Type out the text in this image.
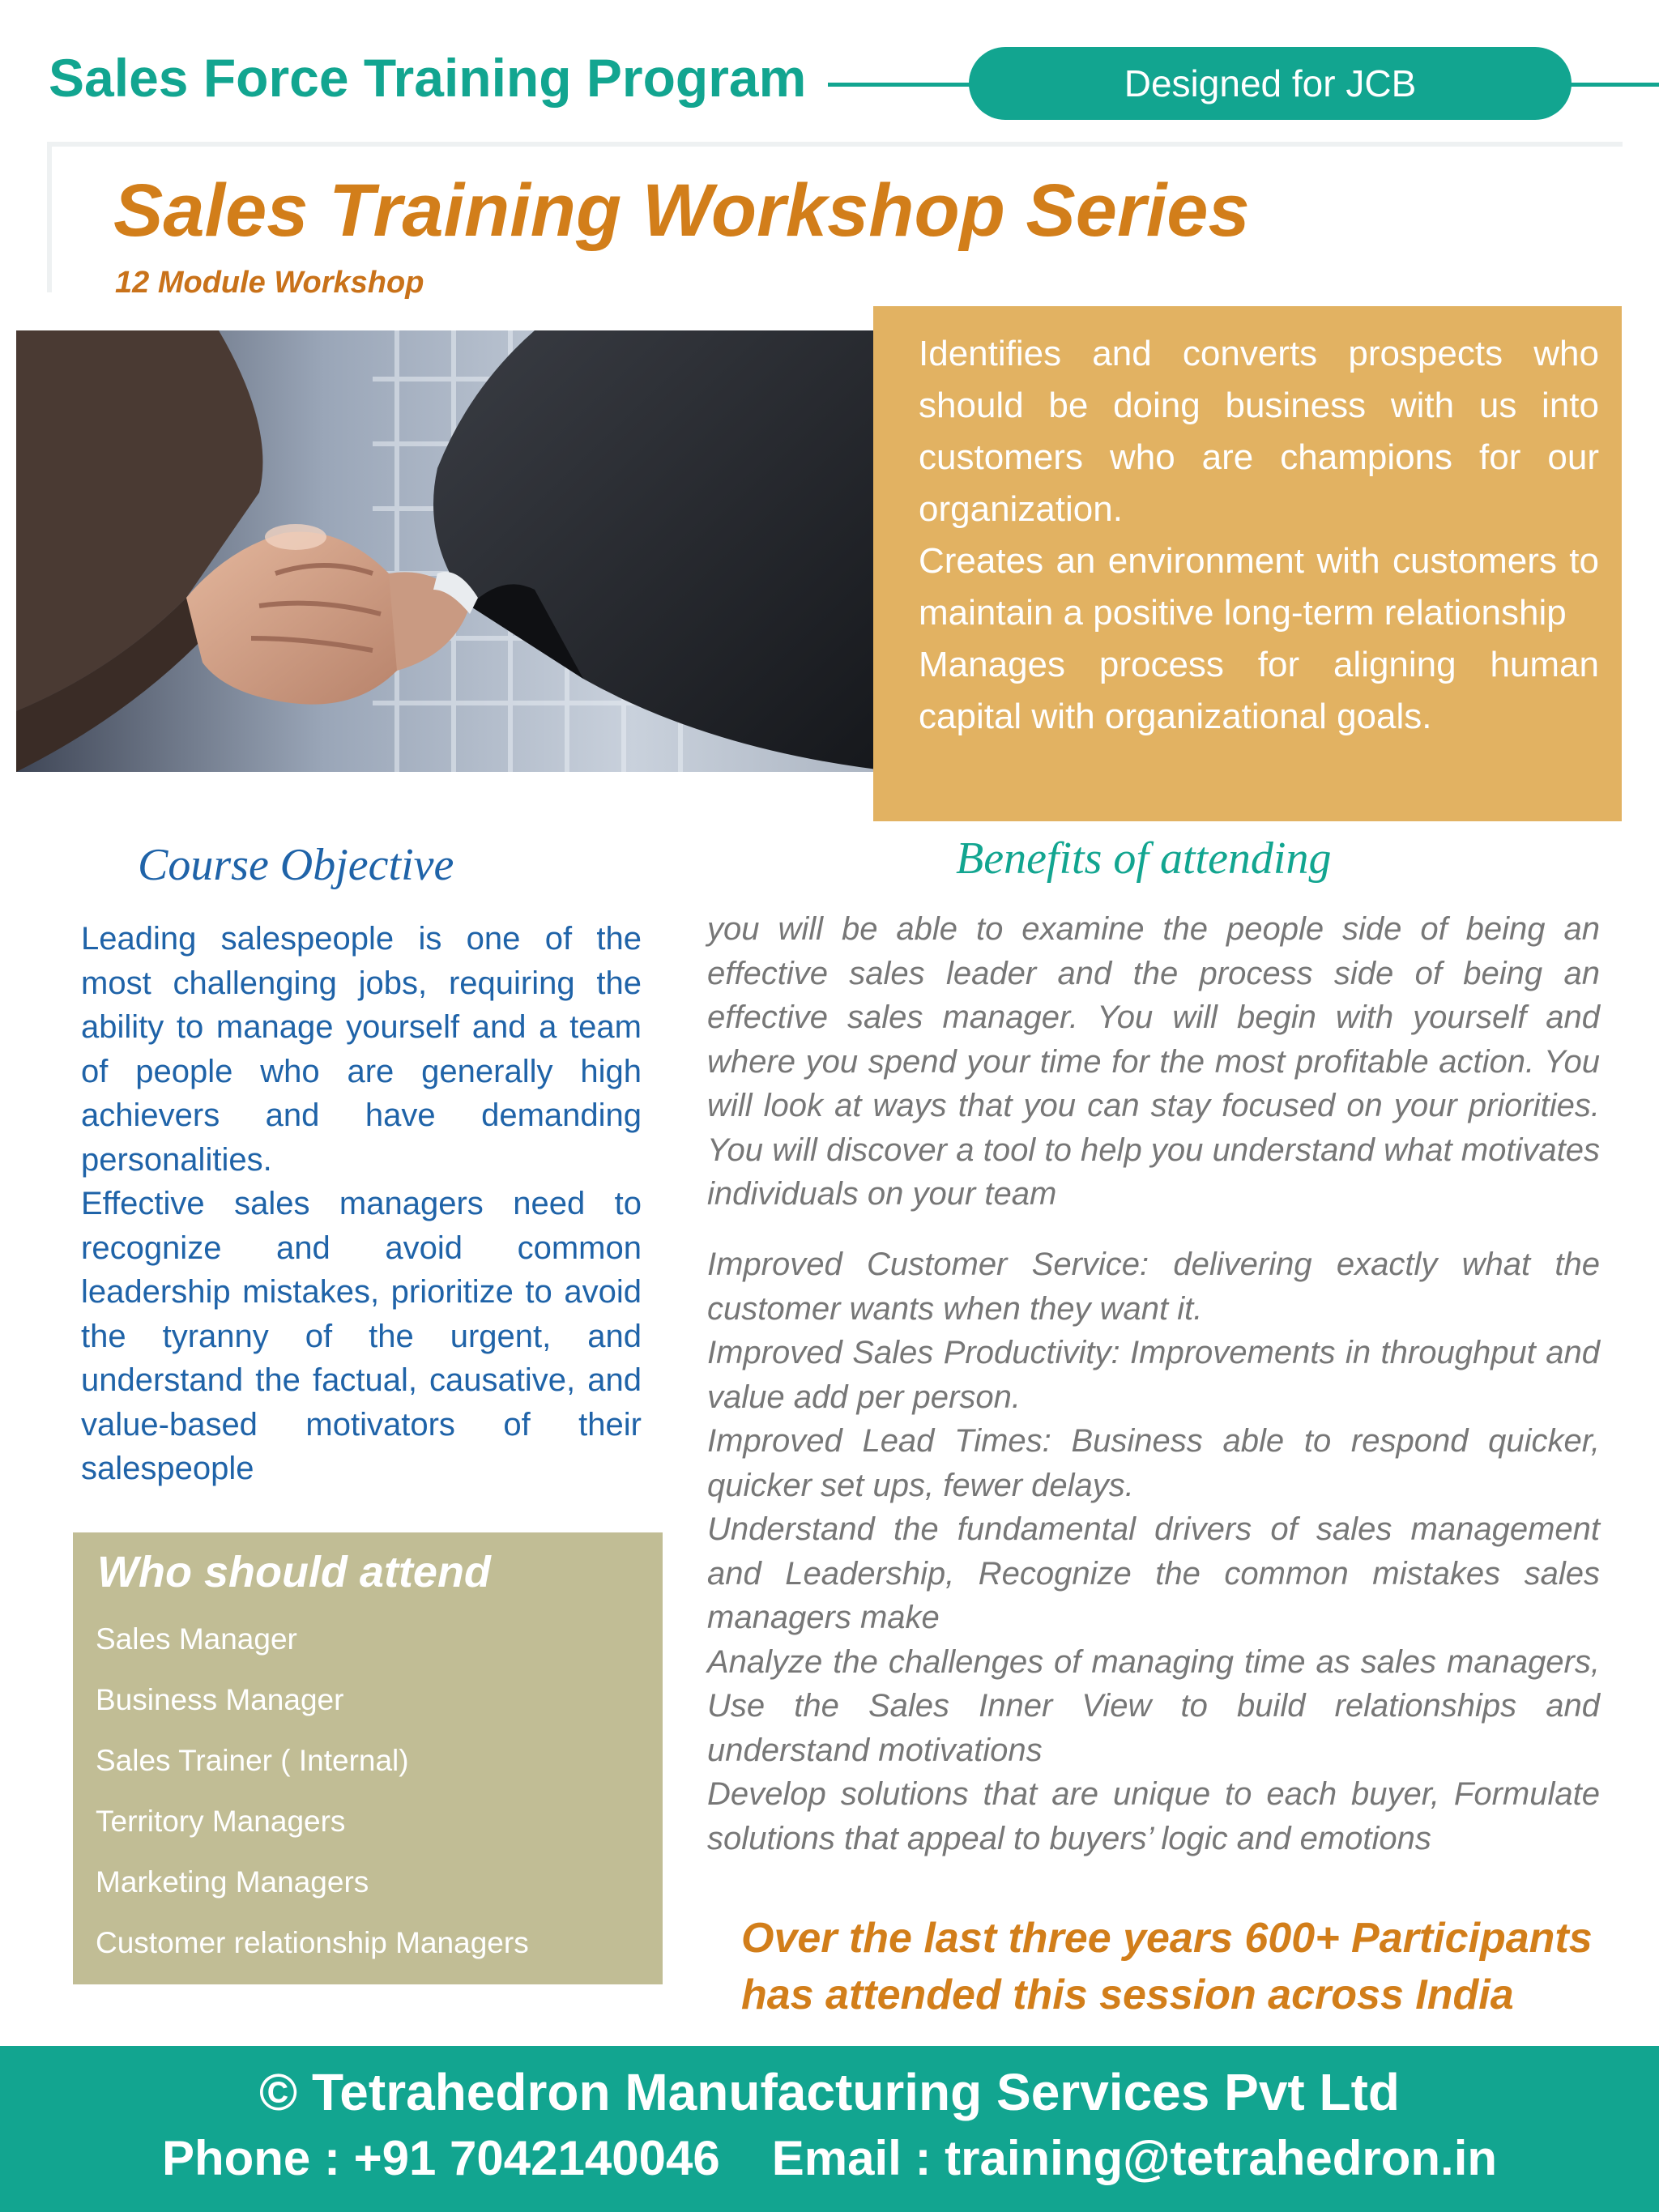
Sales Force Training Program	Designed for JCB
Sales Training Workshop Series
12 Module Workshop

Identifies and converts prospects who should be doing business with us into customers who are champions for our organization.

Creates an environment with customers to maintain a positive long-term relationship

Manages process for aligning human capital with organizational goals.

Course Objective

Leading salespeople is one of the most challenging jobs, requiring the ability to manage yourself and a team of people who are generally high achievers and have demanding personalities.

Effective sales managers need to recognize and avoid common leadership mistakes, prioritize to avoid the tyranny of the urgent, and understand the factual, causative, and value-based motivators of their salespeople

Benefits of attending
you will be able to examine the people side of being an effective sales leader and the process side of being an effective sales manager. You will begin with yourself and where you spend your time for the most profitable action. You will look at ways that you can stay focused on your priorities. You will discover a tool to help you understand what motivates individuals on your team

Improved Customer Service: delivering exactly what the customer wants when they want it.

Improved Sales Productivity: Improvements in throughput and value add per person.

Improved Lead Times: Business able to respond quicker, quicker set ups, fewer delays.

Understand the fundamental drivers of sales management and Leadership, Recognize the common mistakes sales managers make

Analyze the challenges of managing time as sales managers, Use the Sales Inner View to build relationships and understand motivations

Develop solutions that are unique to each buyer, Formulate solutions that appeal to buyers’ logic and emotions

Who should attend
Sales Manager
Business Manager
Sales Trainer ( Internal)
Territory Managers
Marketing Managers
Customer relationship Managers	Over the last three years 600+ Participants has attended this session across India
© Tetrahedron Manufacturing Services Pvt Ltd
Phone : +91 7042140046 Email : training@tetrahedron.in
